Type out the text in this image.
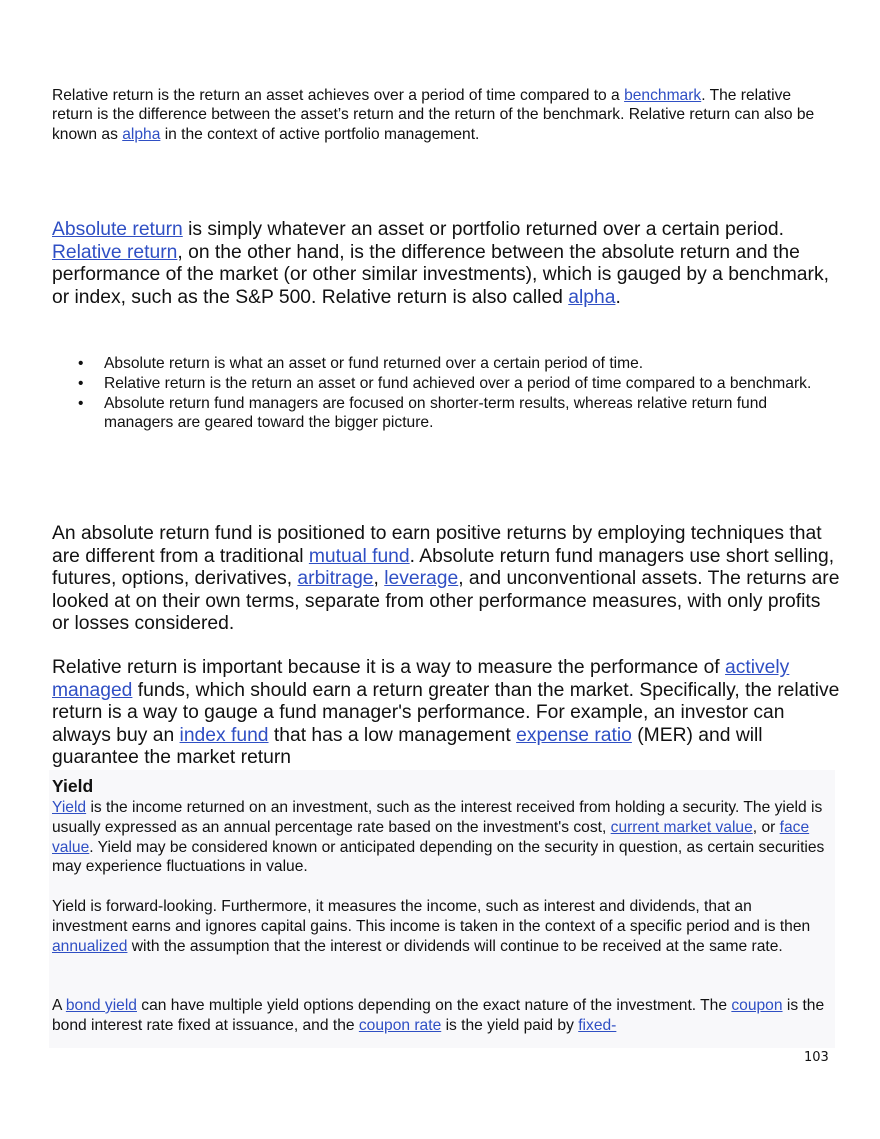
Relative return is the return an asset achieves over a period of time compared to a benchmark. The relative return is the difference between the asset’s return and the return of the benchmark. Relative return can also be known as alpha in the context of active portfolio management.

Absolute return is simply whatever an asset or portfolio returned over a certain period. Relative return, on the other hand, is the difference between the absolute return and the performance of the market (or other similar investments), which is gauged by a benchmark, or index, such as the S&P 500. Relative return is also called alpha.

• Absolute return is what an asset or fund returned over a certain period of time.
• Relative return is the return an asset or fund achieved over a period of time compared to a benchmark.
• Absolute return fund managers are focused on shorter-term results, whereas relative return fund managers are geared toward the bigger picture.

An absolute return fund is positioned to earn positive returns by employing techniques that are different from a traditional mutual fund. Absolute return fund managers use short selling, futures, options, derivatives, arbitrage, leverage, and unconventional assets. The returns are looked at on their own terms, separate from other performance measures, with only profits or losses considered.

Relative return is important because it is a way to measure the performance of actively managed funds, which should earn a return greater than the market. Specifically, the relative return is a way to gauge a fund manager's performance. For example, an investor can always buy an index fund that has a low management expense ratio (MER) and will guarantee the market return

Yield

Yield is the income returned on an investment, such as the interest received from holding a security. The yield is usually expressed as an annual percentage rate based on the investment's cost, current market value, or face value. Yield may be considered known or anticipated depending on the security in question, as certain securities may experience fluctuations in value.

Yield is forward-looking. Furthermore, it measures the income, such as interest and dividends, that an investment earns and ignores capital gains. This income is taken in the context of a specific period and is then annualized with the assumption that the interest or dividends will continue to be received at the same rate.

A bond yield can have multiple yield options depending on the exact nature of the investment. The coupon is the bond interest rate fixed at issuance, and the coupon rate is the yield paid by fixed-

103
